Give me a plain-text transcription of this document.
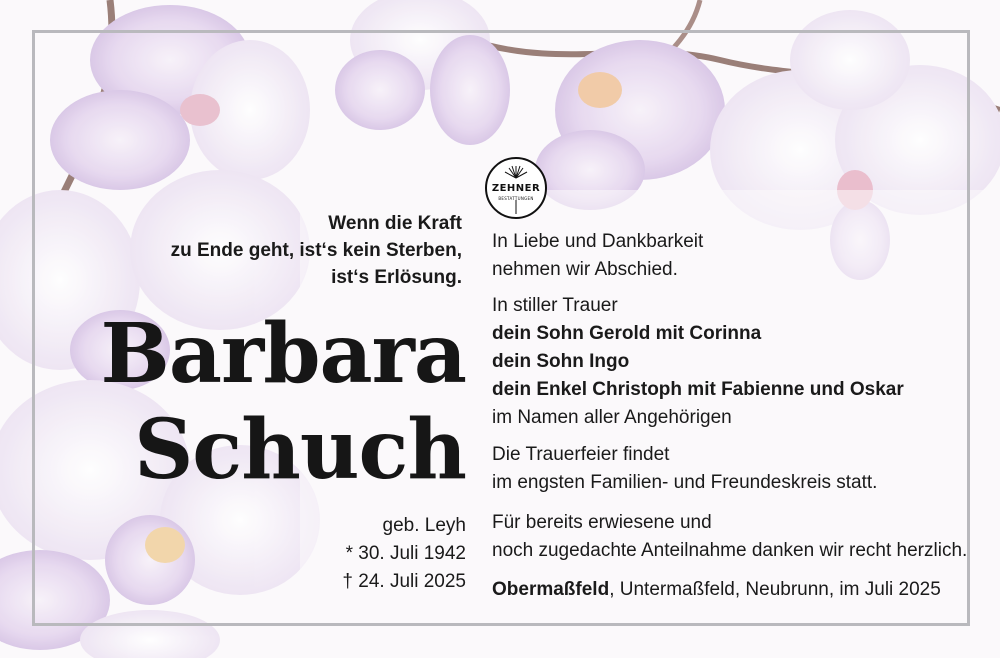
ZEHNER
BESTATTUNGEN
Wenn die Kraft
zu Ende geht, ist‘s kein Sterben,
ist‘s Erlösung.
Barbara
Schuch
geb. Leyh
* 30. Juli 1942
† 24. Juli 2025
In Liebe und Dankbarkeit
nehmen wir Abschied.
In stiller Trauer
dein Sohn Gerold mit Corinna
dein Sohn Ingo
dein Enkel Christoph mit Fabienne und Oskar
im Namen aller Angehörigen
Die Trauerfeier findet
im engsten Familien- und Freundeskreis statt.
Für bereits erwiesene und
noch zugedachte Anteilnahme danken wir recht herzlich.
Obermaßfeld, Untermaßfeld, Neubrunn, im Juli 2025
